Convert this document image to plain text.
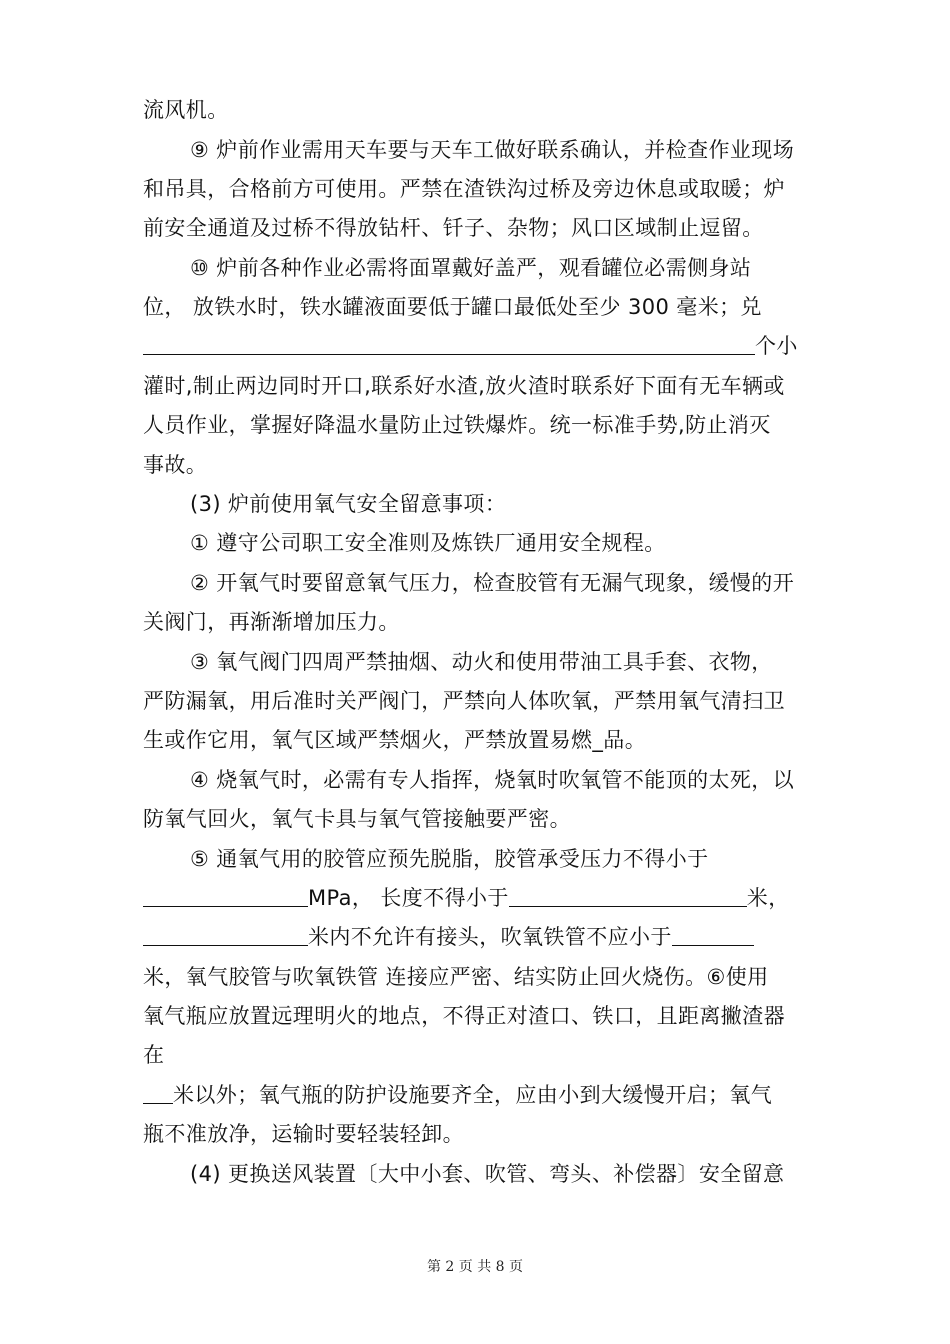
流风机。
⑨ 炉前作业需用天车要与天车工做好联系确认，并检查作业现场
和吊具，合格前方可使用。严禁在渣铁沟过桥及旁边休息或取暖；炉
前安全通道及过桥不得放钻杆、钎子、杂物；风口区域制止逗留。
⑩ 炉前各种作业必需将面罩戴好盖严，观看罐位必需侧身站
位， 放铁水时，铁水罐液面要低于罐口最低处至少 300 毫米；兑
个小
灌时,制止两边同时开口,联系好水渣,放火渣时联系好下面有无车辆或
人员作业，掌握好降温水量防止过铁爆炸。统一标准手势,防止消灭
事故。
(3) 炉前使用氧气安全留意事项：
① 遵守公司职工安全准则及炼铁厂通用安全规程。
② 开氧气时要留意氧气压力，检查胶管有无漏气现象，缓慢的开
关阀门，再渐渐增加压力。
③ 氧气阀门四周严禁抽烟、动火和使用带油工具手套、衣物，
严防漏氧，用后准时关严阀门，严禁向人体吹氧，严禁用氧气清扫卫
生或作它用，氧气区域严禁烟火，严禁放置易燃_品。
④ 烧氧气时，必需有专人指挥，烧氧时吹氧管不能顶的太死，以
防氧气回火，氧气卡具与氧气管接触要严密。
⑤ 通氧气用的胶管应预先脱脂，胶管承受压力不得小于
MPa， 长度不得小于	米，
米内不允许有接头，吹氧铁管不应小于
米，氧气胶管与吹氧铁管 连接应严密、结实防止回火烧伤。⑥使用
氧气瓶应放置远理明火的地点，不得正对渣口、铁口，且距离撇渣器
在
米以外；氧气瓶的防护设施要齐全，应由小到大缓慢开启；氧气
瓶不准放净，运输时要轻装轻卸。
(4) 更换送风装置〔大中小套、吹管、弯头、补偿器〕安全留意
第 2 页 共 8 页
